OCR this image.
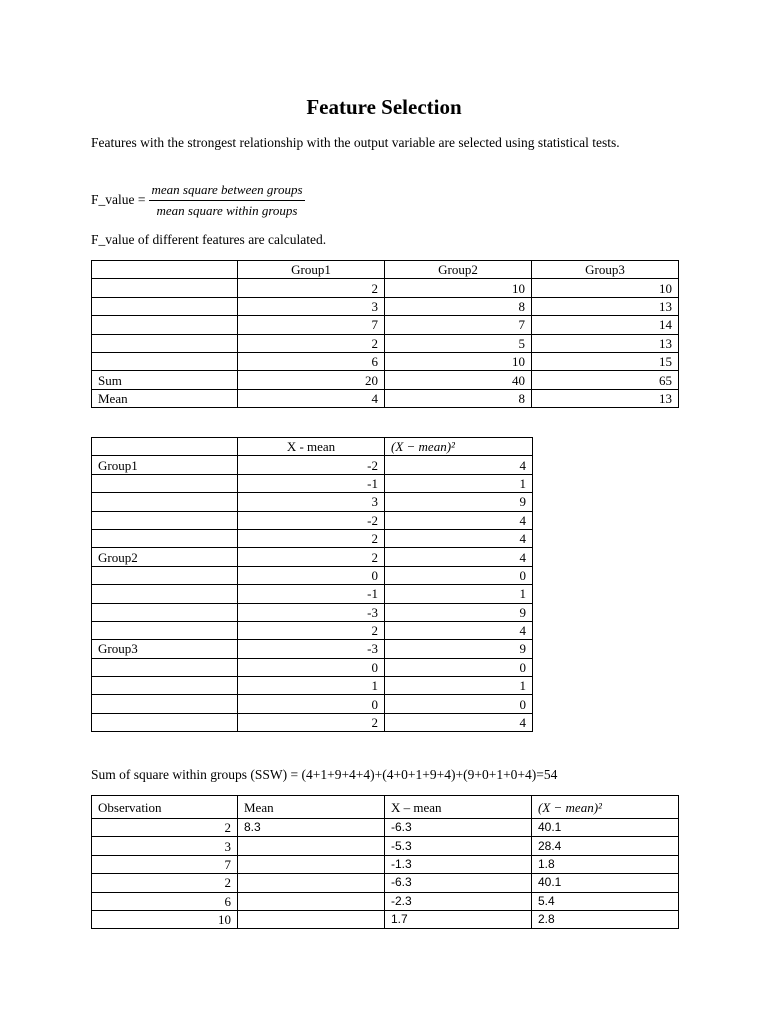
Feature Selection

Features with the strongest relationship with the output variable are selected using statistical tests.

F_value = $\frac{\text{mean square between groups}}{\text{mean square within groups}}$

F_value of different features are calculated.

	Group1	Group2	Group3
	2	10	10
	3	8	13
	7	7	14
	2	5	13
	6	10	15
Sum	20	40	65
Mean	4	8	13
	X - mean	(X − mean)²
Group1	-2	4
	-1	1
	3	9
	-2	4
	2	4
Group2	2	4
	0	0
	-1	1
	-3	9
	2	4
Group3	-3	9
	0	0
	1	1
	0	0
	2	4

Sum of square within groups (SSW) = (4+1+9+4+4)+(4+0+1+9+4)+(9+0+1+0+4)=54

Observation	Mean	X – mean	(X − mean)²
2	8.3	-6.3	40.1
3		-5.3	28.4
7		-1.3	1.8
2		-6.3	40.1
6		-2.3	5.4
10		1.7	2.8
